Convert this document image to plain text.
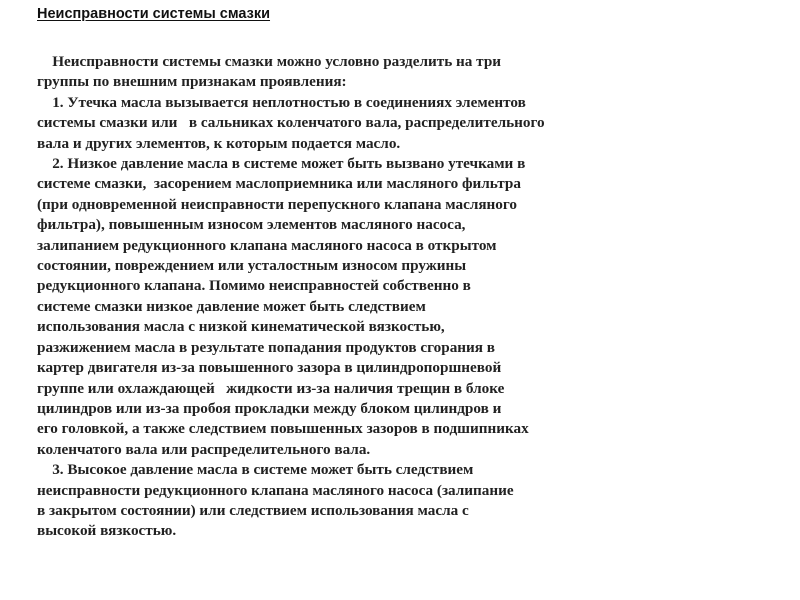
Неисправности системы смазки
Неисправности системы смазки можно условно разделить на три
группы по внешним признакам проявления:
1. Утечка масла вызывается неплотностью в соединениях элементов
системы смазки или   в сальниках коленчатого вала, распределительного
вала и других элементов, к которым подается масло.
2. Низкое давление масла в системе может быть вызвано утечками в
системе смазки,  засорением маслоприемника или масляного фильтра
(при одновременной неисправности перепускного клапана масляного
фильтра), повышенным износом элементов масляного насоса,
залипанием редукционного клапана масляного насоса в открытом
состоянии, повреждением или усталостным износом пружины
редукционного клапана. Помимо неисправностей собственно в
системе смазки низкое давление может быть следствием
использования масла с низкой кинематической вязкостью,
разжижением масла в результате попадания продуктов сгорания в
картер двигателя из-за повышенного зазора в цилиндропоршневой
группе или охлаждающей   жидкости из-за наличия трещин в блоке
цилиндров или из-за пробоя прокладки между блоком цилиндров и
его головкой, а также следствием повышенных зазоров в подшипниках
коленчатого вала или распределительного вала.
3. Высокое давление масла в системе может быть следствием
неисправности редукционного клапана масляного насоса (залипание
в закрытом состоянии) или следствием использования масла с
высокой вязкостью.
